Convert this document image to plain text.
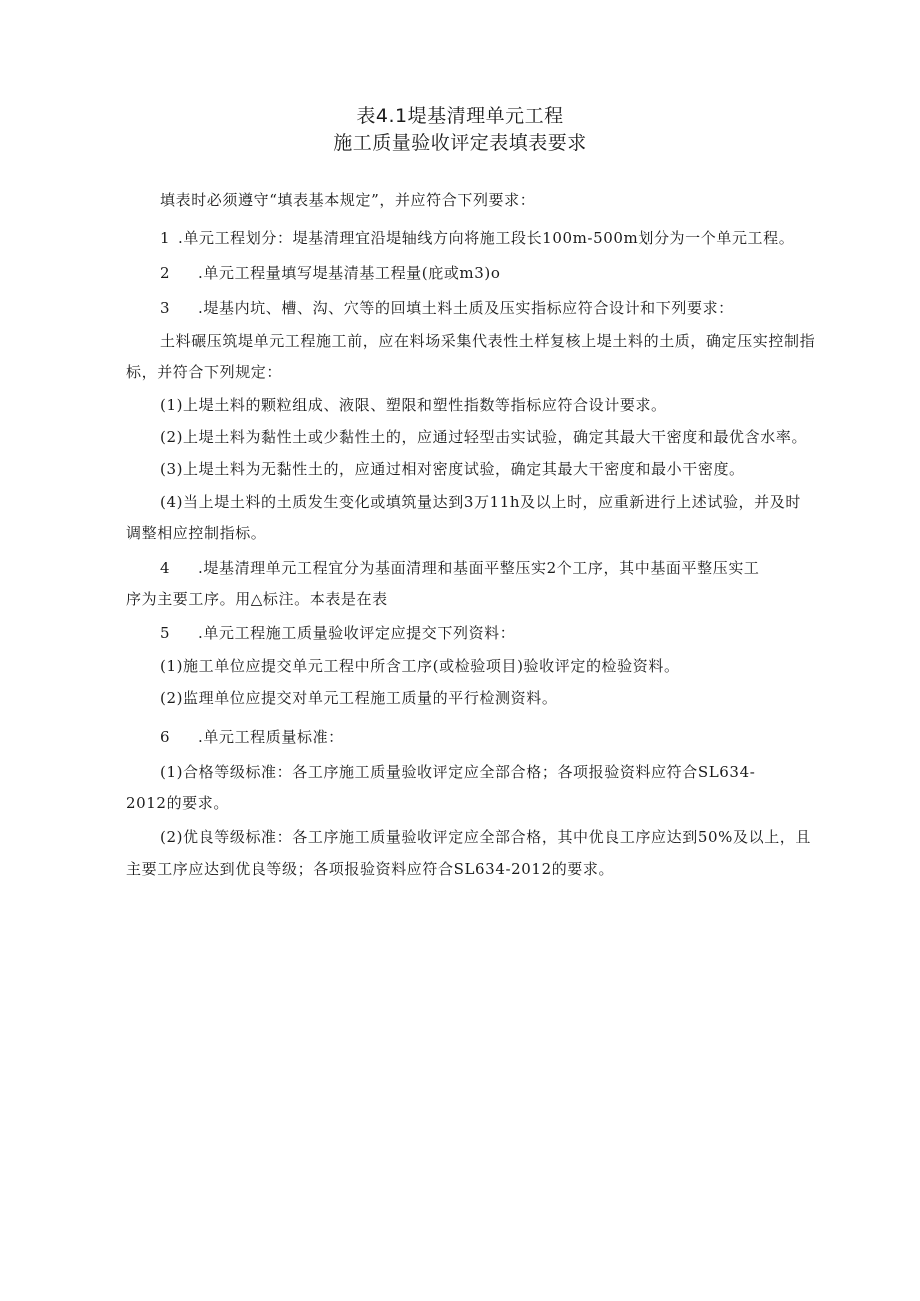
表4.1堤基清理单元工程
施工质量验收评定表填表要求
填表时必须遵守“填表基本规定”，并应符合下列要求：
1 .单元工程划分：堤基清理宜沿堤轴线方向将施工段长100m-500m划分为一个单元工程。
2 .单元工程量填写堤基清基工程量(庇或m3)o
3 .堤基内坑、槽、沟、穴等的回填土料土质及压实指标应符合设计和下列要求：
土料碾压筑堤单元工程施工前，应在料场采集代表性土样复核上堤土料的土质，确定压实控制指
标，并符合下列规定：
(1)上堤土料的颗粒组成、液限、塑限和塑性指数等指标应符合设计要求。
(2)上堤土料为黏性土或少黏性土的，应通过轻型击实试验，确定其最大干密度和最优含水率。
(3)上堤土料为无黏性土的，应通过相对密度试验，确定其最大干密度和最小干密度。
(4)当上堤土料的土质发生变化或填筑量达到3万11h及以上时，应重新进行上述试验，并及时
调整相应控制指标。
4 .堤基清理单元工程宜分为基面清理和基面平整压实2个工序，其中基面平整压实工
序为主要工序。用△标注。本表是在表
5 .单元工程施工质量验收评定应提交下列资料：
(1)施工单位应提交单元工程中所含工序(或检验项目)验收评定的检验资料。
(2)监理单位应提交对单元工程施工质量的平行检测资料。
6 .单元工程质量标准：
(1)合格等级标准：各工序施工质量验收评定应全部合格；各项报验资料应符合SL634-
2012的要求。
(2)优良等级标准：各工序施工质量验收评定应全部合格，其中优良工序应达到50%及以上，且
主要工序应达到优良等级；各项报验资料应符合SL634-2012的要求。
